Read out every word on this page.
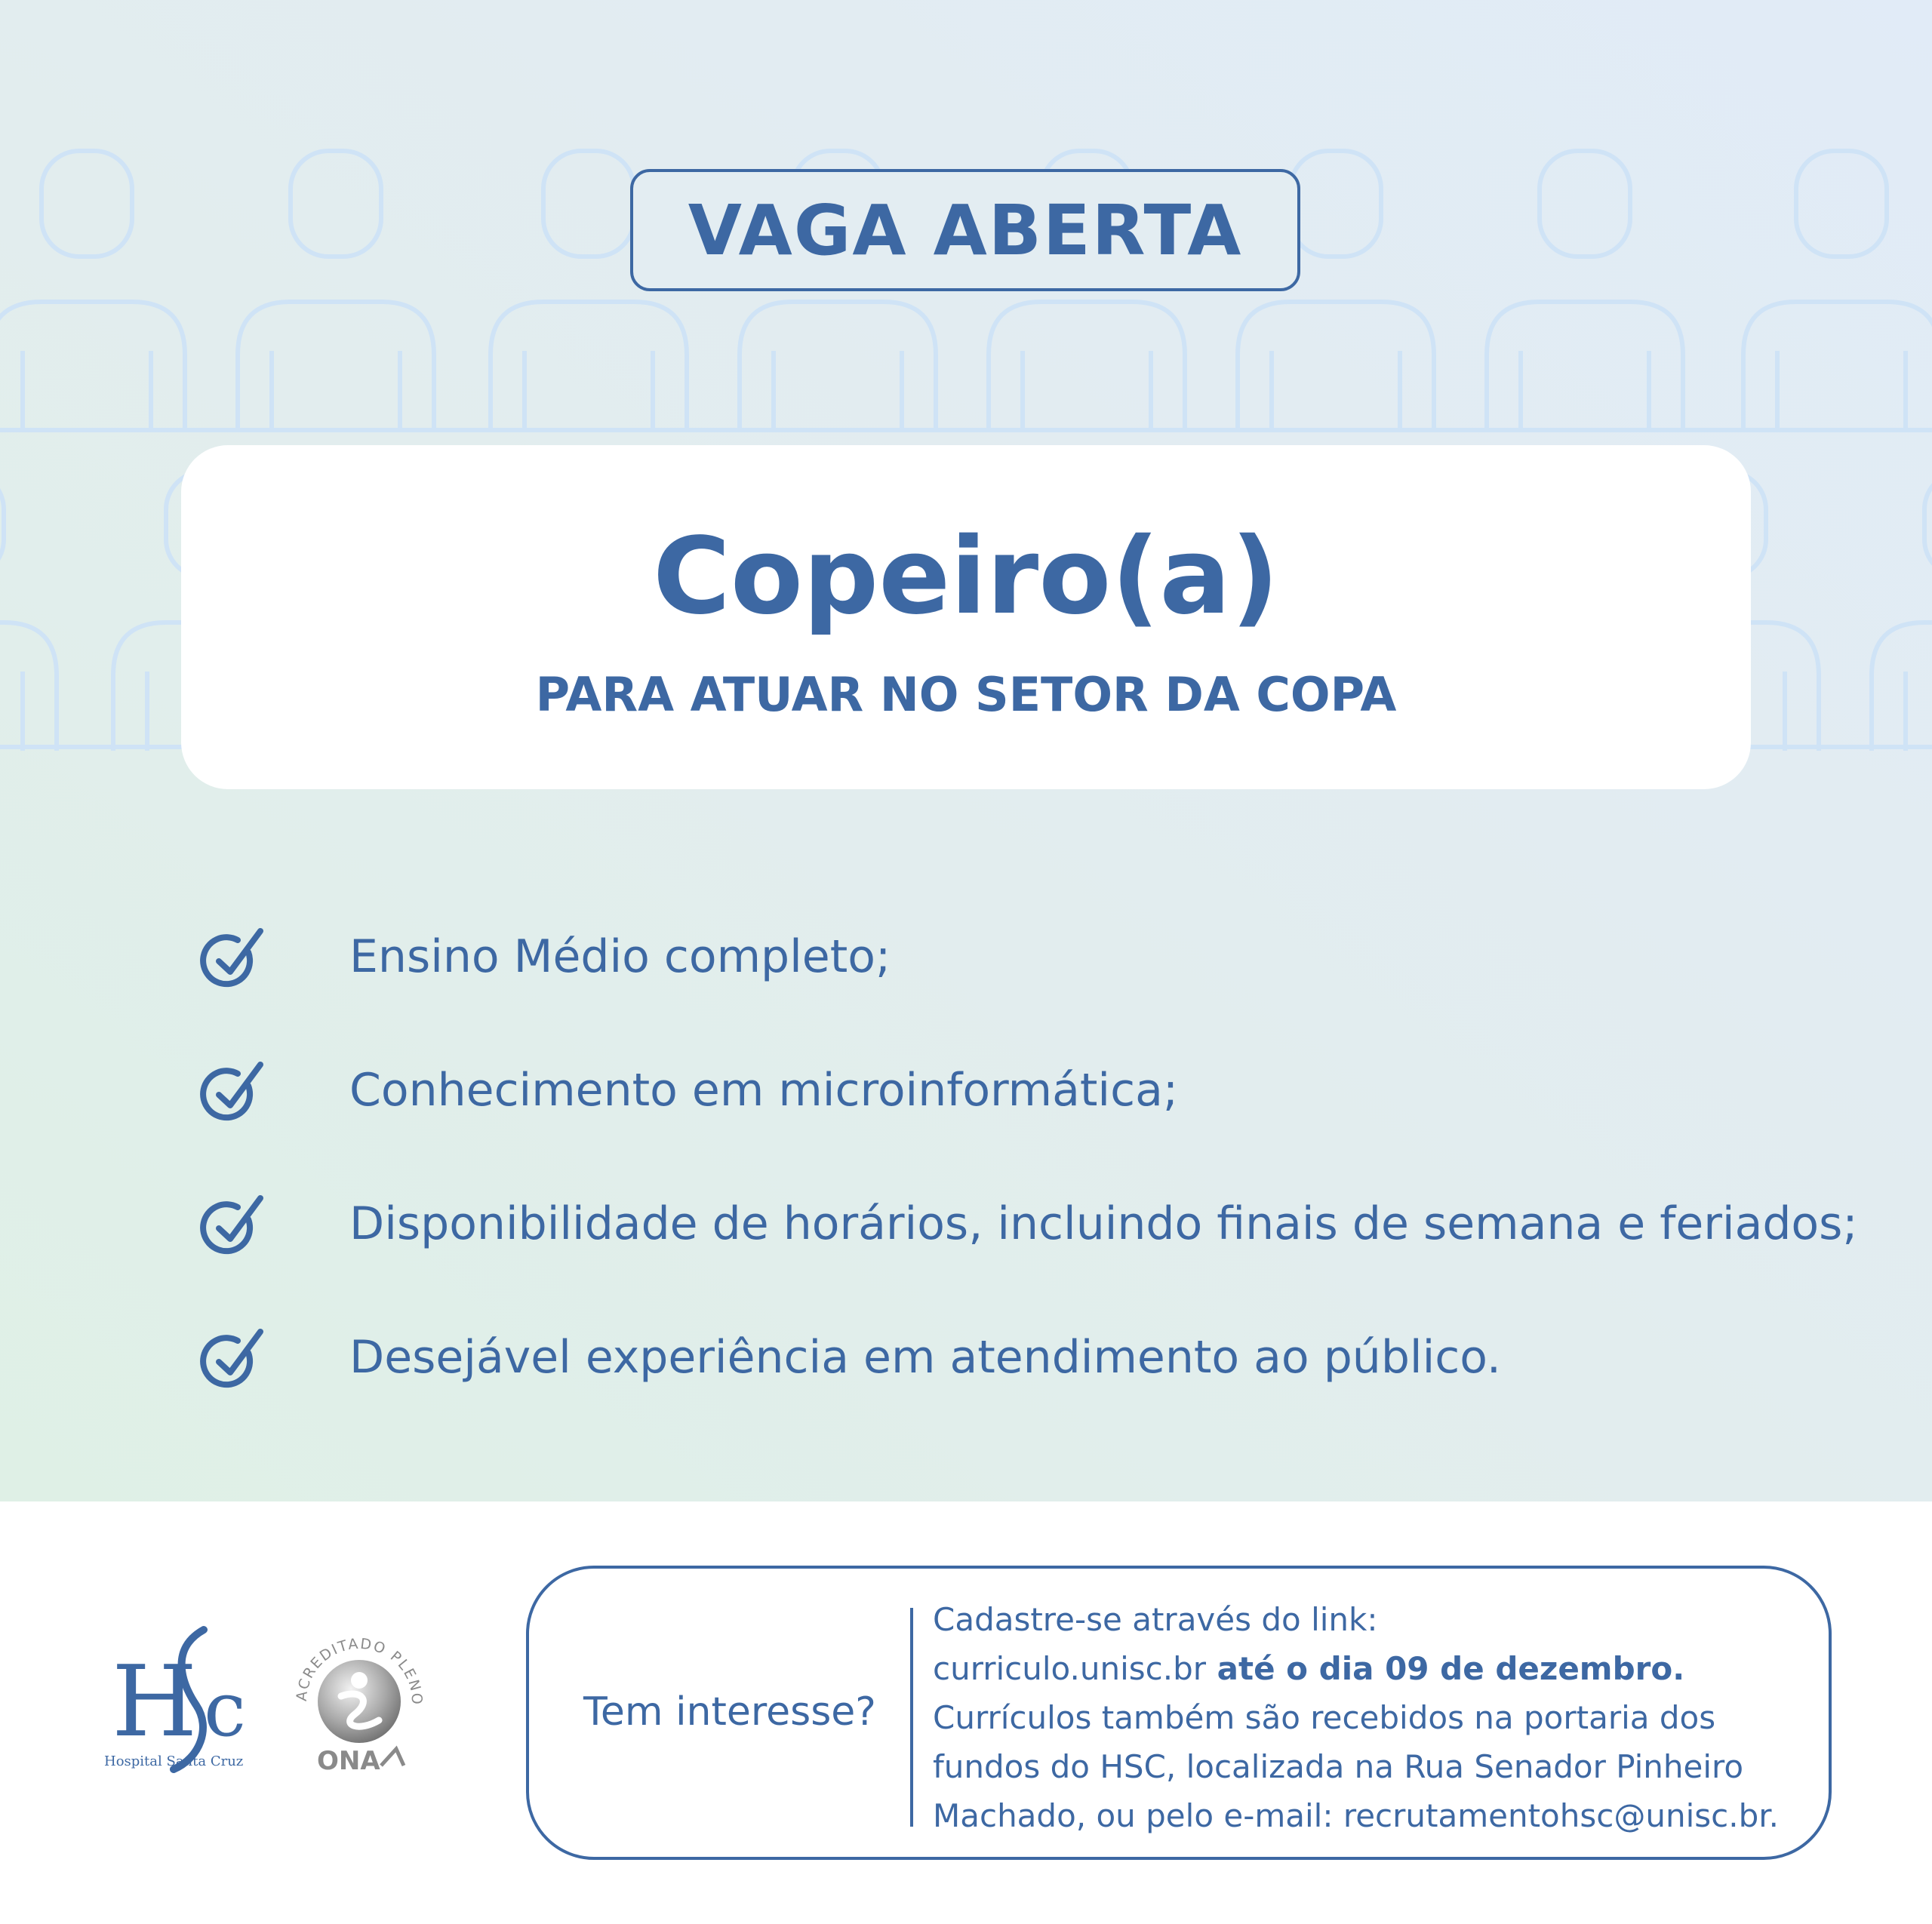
VAGA ABERTA
Copeiro(a)
PARA ATUAR NO SETOR DA COPA
Ensino Médio completo;
Conhecimento em microinformática;
Disponibilidade de horários, incluindo finais de semana e feriados;
Desejável experiência em atendimento ao público.
H c
Hospital Santa Cruz
ACREDITADO PLENO
ONA
Tem interesse?
Cadastre-se através do link:
curriculo.unisc.br até o dia 09 de dezembro.
Currículos também são recebidos na portaria dos
fundos do HSC, localizada na Rua Senador Pinheiro
Machado, ou pelo e-mail: recrutamentohsc@unisc.br.
